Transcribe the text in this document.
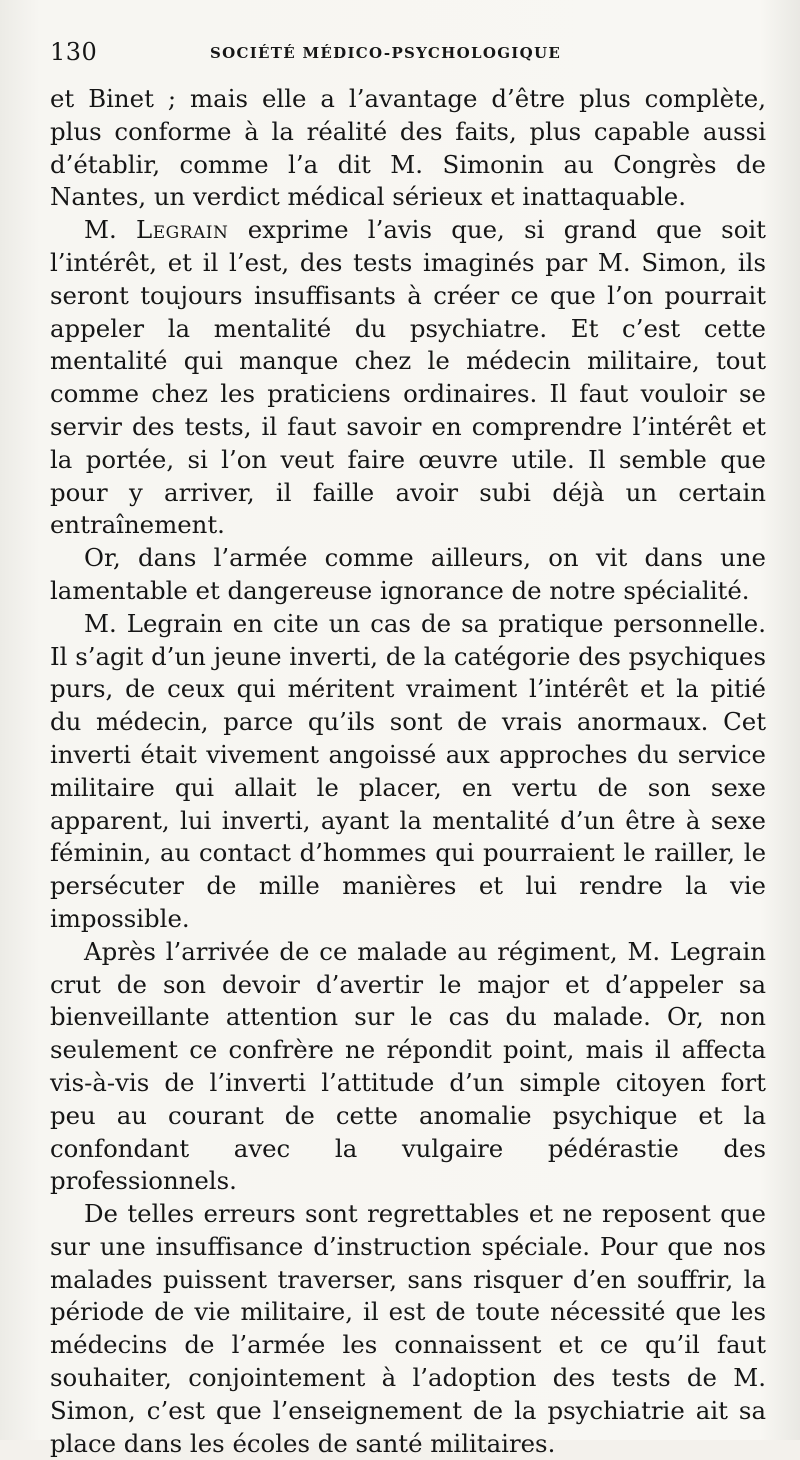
130	SOCIÉTÉ MÉDICO-PSYCHOLOGIQUE

et Binet ; mais elle a l’avantage d’être plus complète, plus conforme à la réalité des faits, plus capable aussi d’établir, comme l’a dit M. Simonin au Congrès de Nantes, un verdict médical sérieux et inattaquable.

M. Legrain exprime l’avis que, si grand que soit l’intérêt, et il l’est, des tests imaginés par M. Simon, ils seront toujours insuffisants à créer ce que l’on pourrait appeler la mentalité du psychiatre. Et c’est cette mentalité qui manque chez le médecin militaire, tout comme chez les praticiens ordinaires. Il faut vouloir se servir des tests, il faut savoir en comprendre l’intérêt et la portée, si l’on veut faire œuvre utile. Il semble que pour y arriver, il faille avoir subi déjà un certain entraînement.

Or, dans l’armée comme ailleurs, on vit dans une lamentable et dangereuse ignorance de notre spécialité.

M. Legrain en cite un cas de sa pratique personnelle. Il s’agit d’un jeune inverti, de la catégorie des psychiques purs, de ceux qui méritent vraiment l’intérêt et la pitié du médecin, parce qu’ils sont de vrais anormaux. Cet inverti était vivement angoissé aux approches du service militaire qui allait le placer, en vertu de son sexe apparent, lui inverti, ayant la mentalité d’un être à sexe féminin, au contact d’hommes qui pourraient le railler, le persécuter de mille manières et lui rendre la vie impossible.

Après l’arrivée de ce malade au régiment, M. Legrain crut de son devoir d’avertir le major et d’appeler sa bienveillante attention sur le cas du malade. Or, non seulement ce confrère ne répondit point, mais il affecta vis-à-vis de l’inverti l’attitude d’un simple citoyen fort peu au courant de cette anomalie psychique et la confondant avec la vulgaire pédérastie des professionnels.

De telles erreurs sont regrettables et ne reposent que sur une insuffisance d’instruction spéciale. Pour que nos malades puissent traverser, sans risquer d’en souffrir, la période de vie militaire, il est de toute nécessité que les médecins de l’armée les connaissent et ce qu’il faut souhaiter, conjointement à l’adoption des tests de M. Simon, c’est que l’enseignement de la psychiatrie ait sa place dans les écoles de santé militaires.
